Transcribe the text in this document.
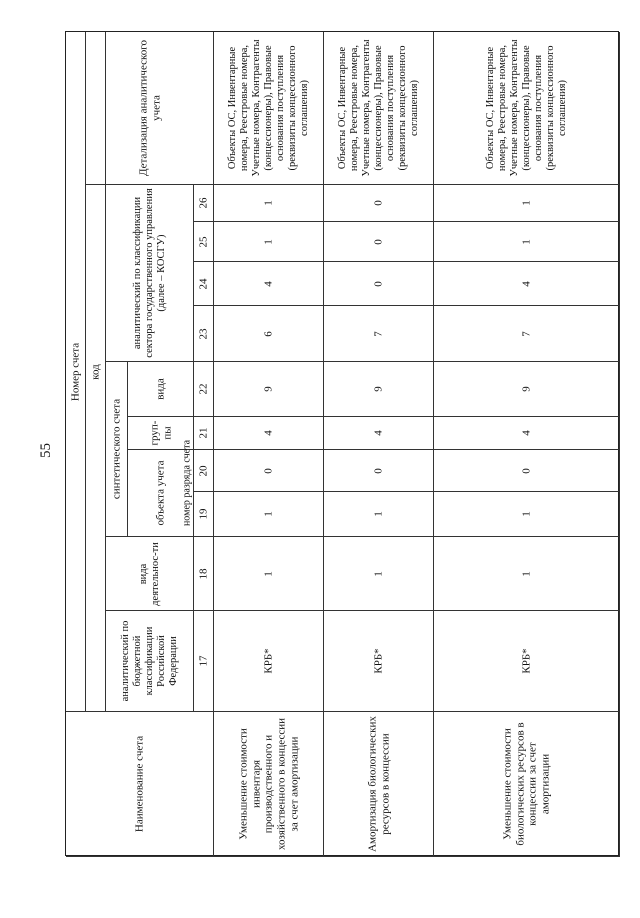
55
Наименование счета
Номер счета код
Детализация аналитического учета
аналитический по бюджетной классификации Российской Федерации
вида деятельнос-ти
синтетического счета	объекта учета
груп-пы
вида
аналитический по классификации сектора государственного управления (далее – КОСГУ)
номер разряда счета
17
18
19
20
21
22
23
24
25
26
Уменьшение стоимости инвентаря производственного и хозяйственного в концессии за счет амортизации
КРБ*
1
1
0
4
9
6
4
1
1
Объекты ОС, Инвентарные номера, Реестровые номера, Учетные номера, Контрагенты (концессионеры), Правовые основания поступления (реквизиты концессионного соглашения)
Амортизация биологических ресурсов в концессии
КРБ*
1
1
0
4
9
7
0
0
0
Объекты ОС, Инвентарные номера, Реестровые номера, Учетные номера, Контрагенты (концессионеры), Правовые основания поступления (реквизиты концессионного соглашения)
Уменьшение стоимости биологических ресурсов в концессии за счет амортизации
КРБ*
1
1
0
4
9
7
4
1
1
Объекты ОС, Инвентарные номера, Реестровые номера, Учетные номера, Контрагенты (концессионеры), Правовые основания поступления (реквизиты концессионного соглашения)
